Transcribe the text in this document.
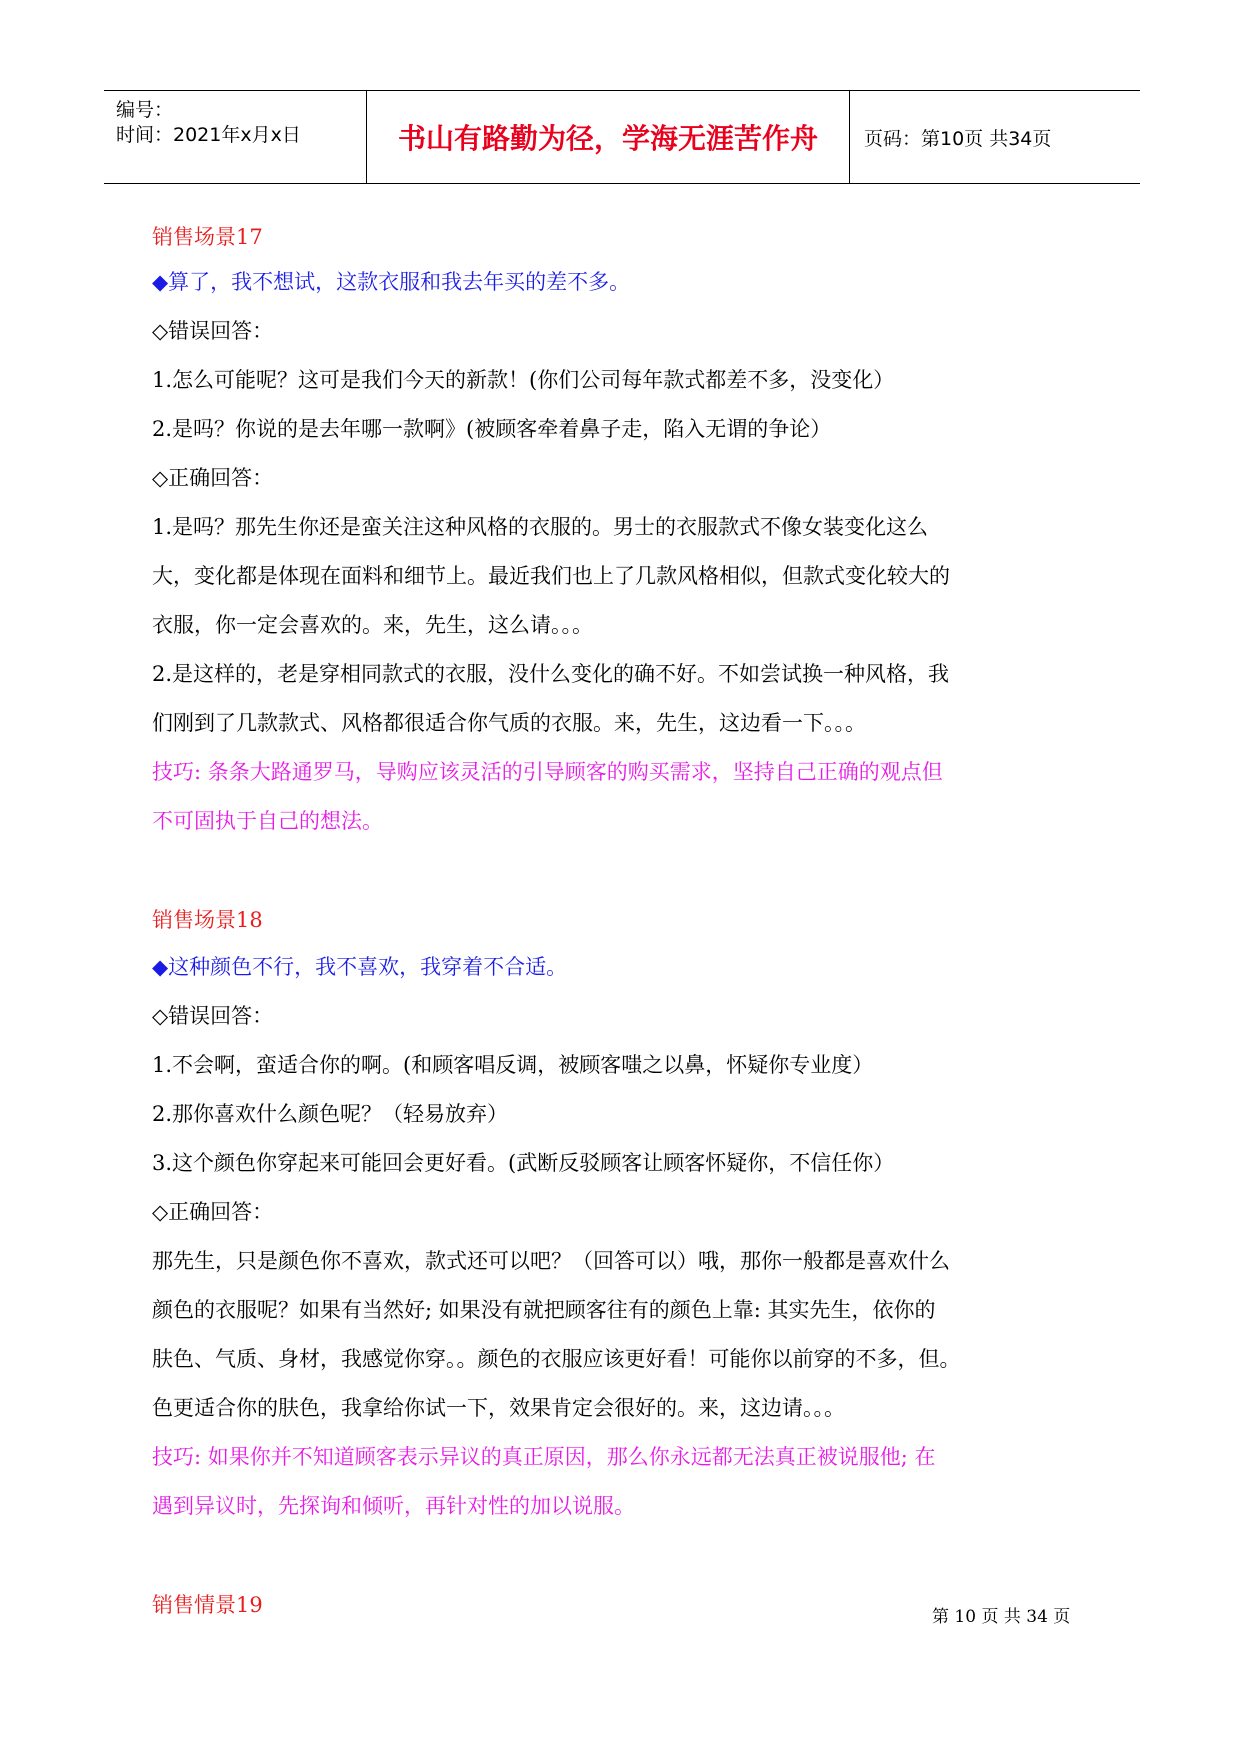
编号：
时间：2021年x月x日	书山有路勤为径，学海无涯苦作舟	页码：第10页 共34页
销售场景17
◆算了，我不想试，这款衣服和我去年买的差不多。
◇错误回答：
1.怎么可能呢？这可是我们今天的新款！(你们公司每年款式都差不多，没变化）
2.是吗？你说的是去年哪一款啊》(被顾客牵着鼻子走，陷入无谓的争论）
◇正确回答：
1.是吗？那先生你还是蛮关注这种风格的衣服的。男士的衣服款式不像女装变化这么
大，变化都是体现在面料和细节上。最近我们也上了几款风格相似，但款式变化较大的
衣服，你一定会喜欢的。来，先生，这么请。。。
2.是这样的，老是穿相同款式的衣服，没什么变化的确不好。不如尝试换一种风格，我
们刚到了几款款式、风格都很适合你气质的衣服。来，先生，这边看一下。。。
技巧: 条条大路通罗马，导购应该灵活的引导顾客的购买需求，坚持自己正确的观点但
不可固执于自己的想法。
销售场景18
◆这种颜色不行，我不喜欢，我穿着不合适。
◇错误回答：
1.不会啊，蛮适合你的啊。(和顾客唱反调，被顾客嗤之以鼻，怀疑你专业度）
2.那你喜欢什么颜色呢？（轻易放弃）
3.这个颜色你穿起来可能回会更好看。(武断反驳顾客让顾客怀疑你，不信任你）
◇正确回答：
那先生，只是颜色你不喜欢，款式还可以吧？（回答可以）哦，那你一般都是喜欢什么
颜色的衣服呢？如果有当然好; 如果没有就把顾客往有的颜色上靠: 其实先生，依你的
肤色、气质、身材，我感觉你穿。。颜色的衣服应该更好看！可能你以前穿的不多，但。
色更适合你的肤色，我拿给你试一下，效果肯定会很好的。来，这边请。。。
技巧: 如果你并不知道顾客表示异议的真正原因，那么你永远都无法真正被说服他; 在
遇到异议时，先探询和倾听，再针对性的加以说服。
销售情景19	第 10 页 共 34 页
